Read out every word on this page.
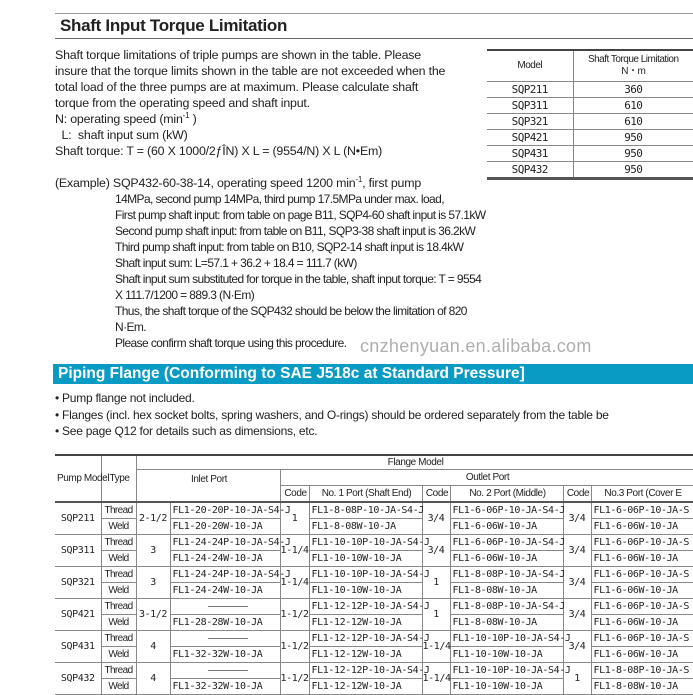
Shaft Input Torque Limitation
Shaft torque limitations of triple pumps are shown in the table. Please
insure that the torque limits shown in the table are not exceeded when the
total load of the three pumps are at maximum. Please calculate shaft
torque from the operating speed and shaft input.
N: operating speed ($\min^{-1}$ )
L:  shaft input sum (kW)
Shaft torque: T = (60 X 1000/2ƒÎN) X L = (9554/N) X L (N•Em)
(Example) SQP432-60-38-14, operating speed 1200 $\min^{-1}$, first pump
14MPa, second pump 14MPa, third pump 17.5MPa under max. load,
First pump shaft input: from table on page B11, SQP4-60 shaft input is 57.1kW
Second pump shaft input: from table on B11, SQP3-38 shaft input is 36.2kW
Third pump shaft input: from table on B10, SQP2-14 shaft input is 18.4kW
Shaft input sum: L=57.1 + 36.2 + 18.4 = 111.7 (kW)
Shaft input sum substituted for torque in the table, shaft input torque: T = 9554
X 111.7/1200 = 889.3 (N·Em)
Thus, the shaft torque of the SQP432 should be below the limitation of 820
N·Em.
Please confirm shaft torque using this procedure. cnzhenyuan.en.alibaba.com
Model	Shaft Torque Limitation
N・m
SQP211	360
SQP311	610
SQP321	610
SQP421	950
SQP431	950
SQP432	950
Piping Flange (Conforming to SAE J518c at Standard Pressure]
• Pump flange not included.
• Flanges (incl. hex socket bolts, spring washers, and O-rings) should be ordered separately from the table be
• See page Q12 for details such as dimensions, etc.
Pump Model	Type	Flange Model							
		Inlet Port		Outlet Port					
				Code	No. 1 Port (Shaft End)	Code	No. 2 Port (Middle)	Code	No.3 Port (Cover E
SQP211	Thread	2-1/2	FL1-20-20P-10-JA-S4-J	1	FL1-8-08P-10-JA-S4-J	3/4	FL1-6-06P-10-JA-S4-J	3/4	FL1-6-06P-10-JA-S
	Weld		FL1-20-20W-10-JA		FL1-8-08W-10-JA		FL1-6-06W-10-JA		FL1-6-06W-10-JA
SQP311	Thread	3	FL1-24-24P-10-JA-S4-J	1-1/4	FL1-10-10P-10-JA-S4-J	3/4	FL1-6-06P-10-JA-S4-J	3/4	FL1-6-06P-10-JA-S
	Weld		FL1-24-24W-10-JA		FL1-10-10W-10-JA		FL1-6-06W-10-JA		FL1-6-06W-10-JA
SQP321	Thread	3	FL1-24-24P-10-JA-S4-J	1-1/4	FL1-10-10P-10-JA-S4-J	1	FL1-8-08P-10-JA-S4-J	3/4	FL1-6-06P-10-JA-S
	Weld		FL1-24-24W-10-JA		FL1-10-10W-10-JA		FL1-8-08W-10-JA		FL1-6-06W-10-JA
SQP421	Thread	3-1/2		1-1/2	FL1-12-12P-10-JA-S4-J	1	FL1-8-08P-10-JA-S4-J	3/4	FL1-6-06P-10-JA-S
	Weld		FL1-28-28W-10-JA		FL1-12-12W-10-JA		FL1-8-08W-10-JA		FL1-6-06W-10-JA
SQP431	Thread	4		1-1/2	FL1-12-12P-10-JA-S4-J	1-1/4	FL1-10-10P-10-JA-S4-J	3/4	FL1-6-06P-10-JA-S
	Weld		FL1-32-32W-10-JA		FL1-12-12W-10-JA		FL1-10-10W-10-JA		FL1-6-06W-10-JA
SQP432	Thread	4		1-1/2	FL1-12-12P-10-JA-S4-J	1-1/4	FL1-10-10P-10-JA-S4-J	1	FL1-8-08P-10-JA-S
	Weld		FL1-32-32W-10-JA		FL1-12-12W-10-JA		FL1-10-10W-10-JA		FL1-8-08W-10-JA
